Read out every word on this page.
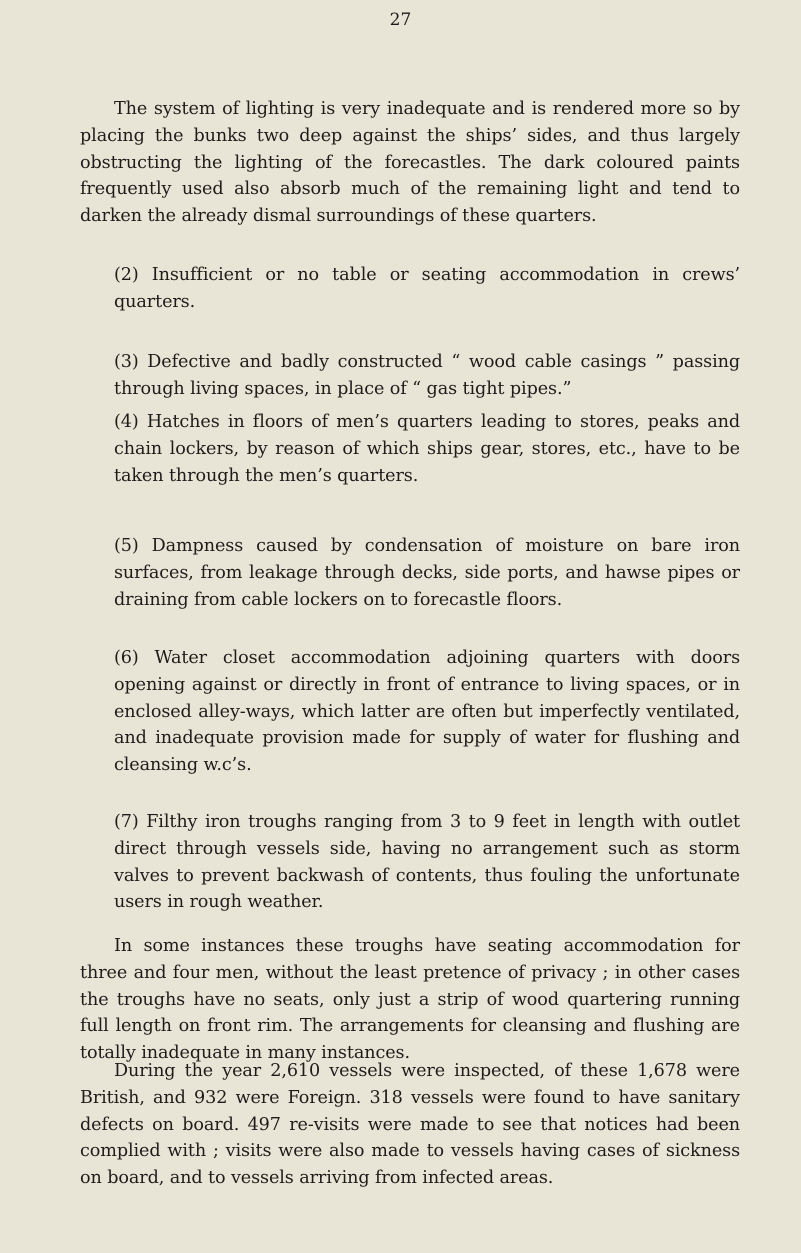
27

The system of lighting is very inadequate and is rendered more so by placing the bunks two deep against the ships’ sides, and thus largely obstructing the lighting of the forecastles. The dark coloured paints frequently used also absorb much of the remaining light and tend to darken the already dismal surroundings of these quarters.

(2) Insufficient or no table or seating accommodation in crews’ quarters.

(3) Defective and badly constructed “ wood cable casings ” passing through living spaces, in place of “ gas tight pipes.”

(4) Hatches in floors of men’s quarters leading to stores, peaks and chain lockers, by reason of which ships gear, stores, etc., have to be taken through the men’s quarters.

(5) Dampness caused by condensation of moisture on bare iron surfaces, from leakage through decks, side ports, and hawse pipes or draining from cable lockers on to forecastle floors.

(6) Water closet accommodation adjoining quarters with doors opening against or directly in front of entrance to living spaces, or in enclosed alley-ways, which latter are often but imperfectly ventilated, and inadequate provision made for supply of water for flushing and cleansing w.c’s.

(7) Filthy iron troughs ranging from 3 to 9 feet in length with outlet direct through vessels side, having no arrangement such as storm valves to prevent backwash of contents, thus fouling the unfortunate users in rough weather.

In some instances these troughs have seating accommodation for three and four men, without the least pretence of privacy ; in other cases the troughs have no seats, only just a strip of wood quartering running full length on front rim. The arrangements for cleansing and flushing are totally inadequate in many instances.

During the year 2,610 vessels were inspected, of these 1,678 were British, and 932 were Foreign. 318 vessels were found to have sanitary defects on board. 497 re-visits were made to see that notices had been complied with ; visits were also made to vessels having cases of sickness on board, and to vessels arriving from infected areas.
